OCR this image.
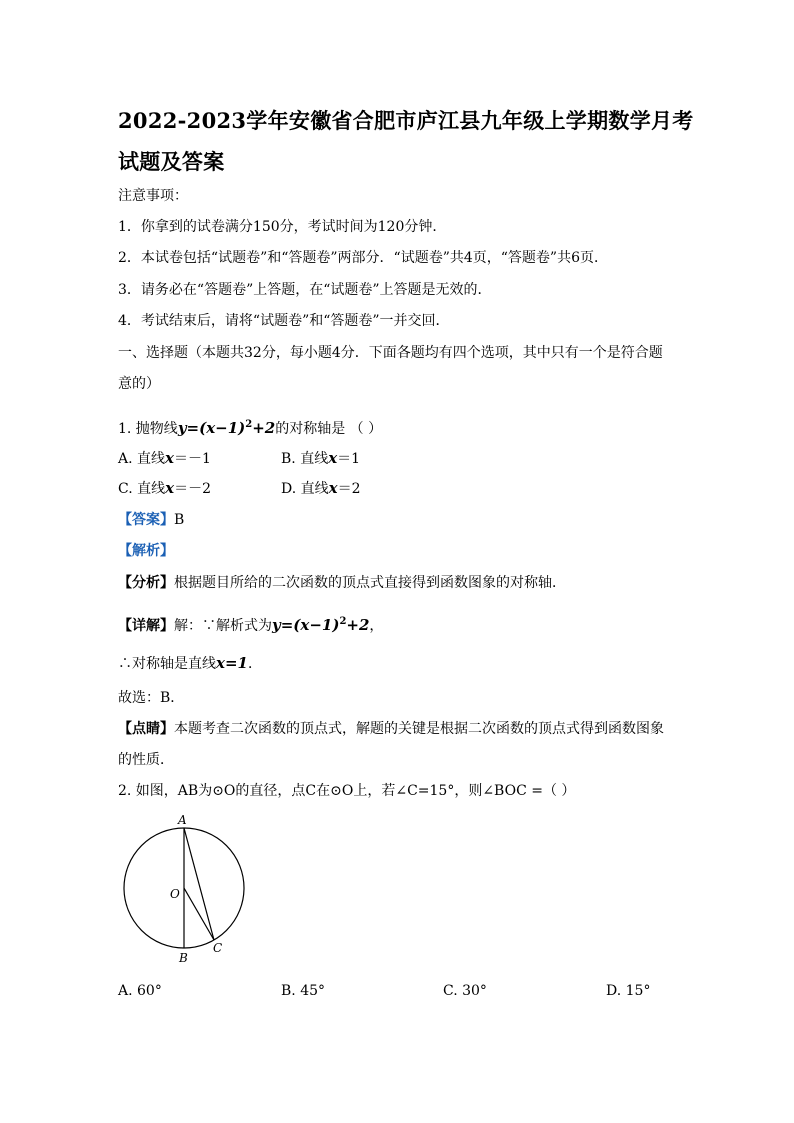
2022-2023学年安徽省合肥市庐江县九年级上学期数学月考
试题及答案
注意事项：
1．你拿到的试卷满分150分，考试时间为120分钟．
2．本试卷包括“试题卷”和“答题卷”两部分．“试题卷”共4页，“答题卷”共6页．
3．请务必在“答题卷”上答题，在“试题卷”上答题是无效的．
4．考试结束后，请将“试题卷”和“答题卷”一并交回．
一、选择题（本题共32分，每小题4分．下面各题均有四个选项，其中只有一个是符合题
意的）
1. 抛物线$y=(x-1)^2+2$的对称轴是 （ ）
A. 直线x＝－1	B. 直线x＝1
C. 直线x＝－2	D. 直线x＝2
【答案】B
【解析】
【分析】根据题目所给的二次函数的顶点式直接得到函数图象的对称轴．
【详解】解：∵解析式为$y=(x-1)^2+2$，
∴对称轴是直线x=1．
故选：B．
【点睛】本题考查二次函数的顶点式，解题的关键是根据二次函数的顶点式得到函数图象
的性质．
2. 如图，AB为⊙O的直径，点C在⊙O上，若∠C=15°，则∠BOC =（ ）
A
O
B
C
A. 60°	B. 45°	C. 30°	D. 15°
